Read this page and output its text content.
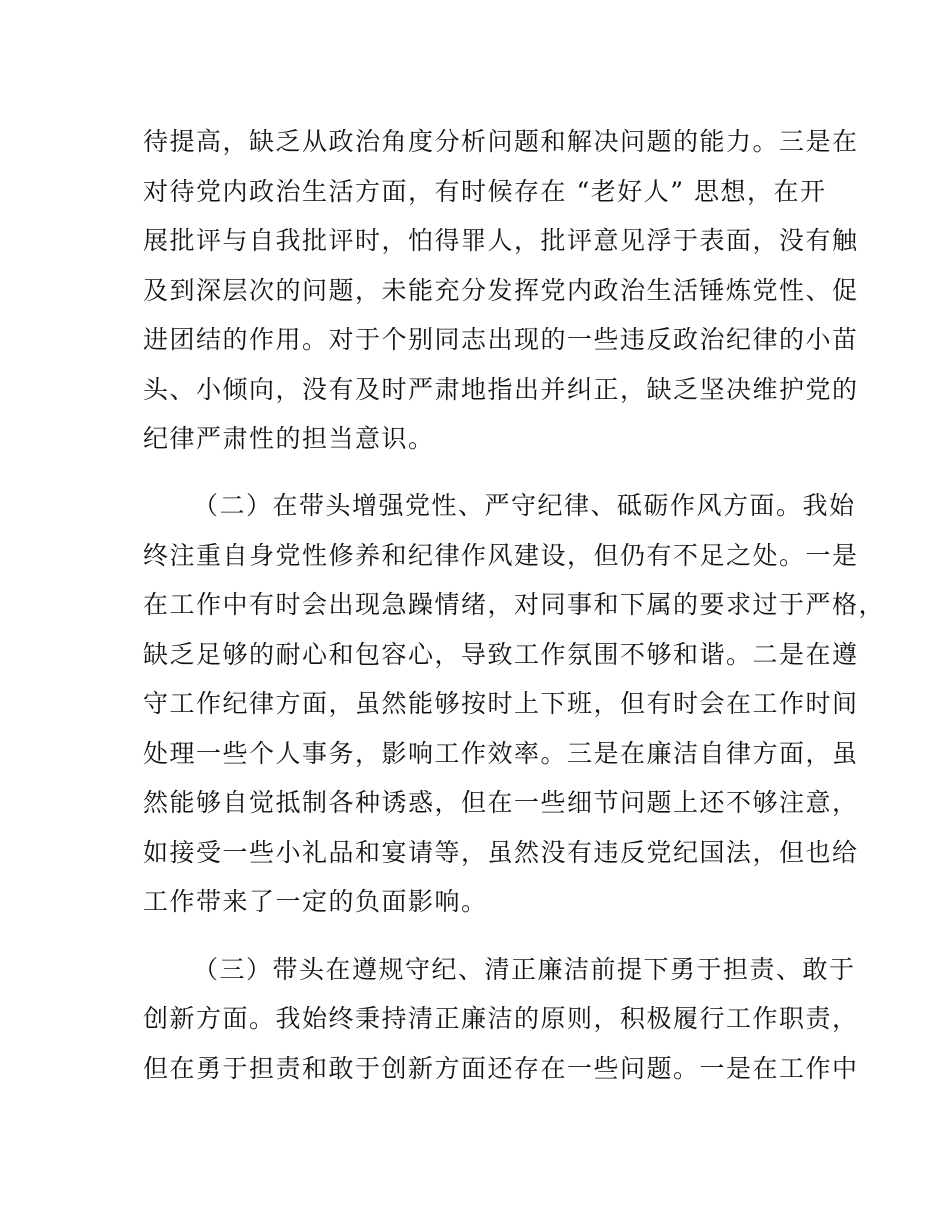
待提高，缺乏从政治角度分析问题和解决问题的能力。三是在
对待党内政治生活方面，有时候存在 “老好人” 思想，在开
展批评与自我批评时，怕得罪人，批评意见浮于表面，没有触
及到深层次的问题，未能充分发挥党内政治生活锤炼党性、促
进团结的作用。对于个别同志出现的一些违反政治纪律的小苗
头、小倾向，没有及时严肃地指出并纠正，缺乏坚决维护党的
纪律严肃性的担当意识。
（二）在带头增强党性、严守纪律、砥砺作风方面。我始
终注重自身党性修养和纪律作风建设，但仍有不足之处。一是
在工作中有时会出现急躁情绪，对同事和下属的要求过于严格，
缺乏足够的耐心和包容心，导致工作氛围不够和谐。二是在遵
守工作纪律方面，虽然能够按时上下班，但有时会在工作时间
处理一些个人事务，影响工作效率。三是在廉洁自律方面，虽
然能够自觉抵制各种诱惑，但在一些细节问题上还不够注意，
如接受一些小礼品和宴请等，虽然没有违反党纪国法，但也给
工作带来了一定的负面影响。
（三）带头在遵规守纪、清正廉洁前提下勇于担责、敢于
创新方面。我始终秉持清正廉洁的原则，积极履行工作职责，
但在勇于担责和敢于创新方面还存在一些问题。一是在工作中
